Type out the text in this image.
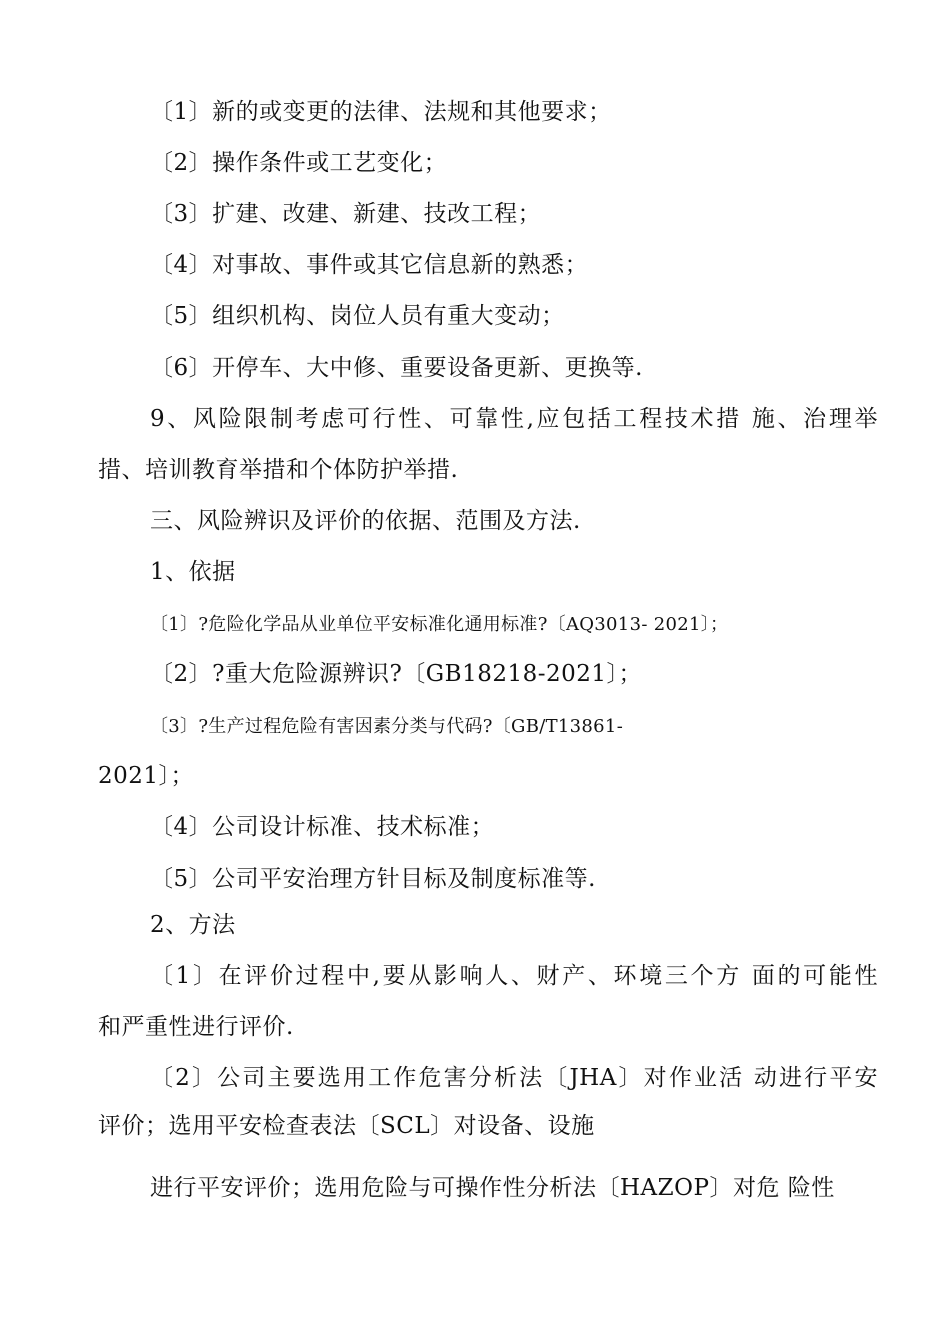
〔1〕新的或变更的法律、法规和其他要求；
〔2〕操作条件或工艺变化；
〔3〕扩建、改建、新建、技改工程；
〔4〕对事故、事件或其它信息新的熟悉；
〔5〕组织机构、岗位人员有重大变动；
〔6〕开停车、大中修、重要设备更新、更换等.
9、风险限制考虑可行性、可靠性,应包括工程技术措 施、治理举
措、培训教育举措和个体防护举措.
三、风险辨识及评价的依据、范围及方法.
1、依据
〔1〕?危险化学品从业单位平安标准化通用标准?〔AQ3013- 2021〕；
〔2〕?重大危险源辨识?〔GB18218-2021〕；
〔3〕?生产过程危险有害因素分类与代码?〔GB/T13861-
2021〕；
〔4〕公司设计标准、技术标准；
〔5〕公司平安治理方针目标及制度标准等.
2、方法
〔1〕在评价过程中,要从影响人、财产、环境三个方 面的可能性
和严重性进行评价.
〔2〕公司主要选用工作危害分析法〔JHA〕对作业活 动进行平安
评价；选用平安检查表法〔SCL〕对设备、设施
进行平安评价；选用危险与可操作性分析法〔HAZOP〕对危 险性
